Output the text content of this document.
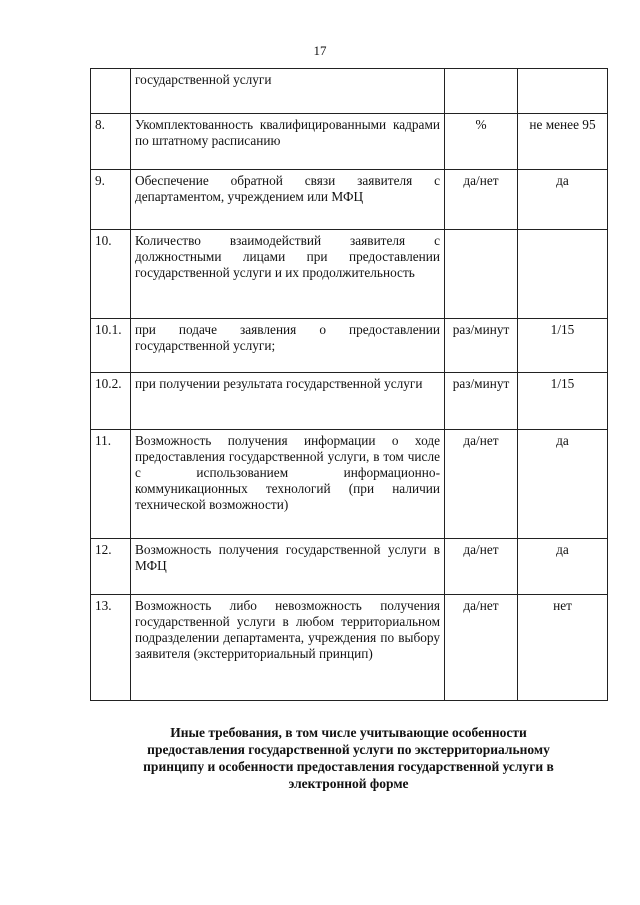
17
	государственной услуги		
8.	Укомплектованность квалифицированными кадрами по штатному расписанию	%	не менее 95
9.	Обеспечение обратной связи заявителя с департаментом, учреждением или МФЦ	да/нет	да
10.	Количество взаимодействий заявителя с должностными лицами при предоставлении государственной услуги и их продолжительность		
10.1.	при подаче заявления о предоставлении государственной услуги;	раз/минут	1/15
10.2.	при получении результата государственной услуги	раз/минут	1/15
11.	Возможность получения информации о ходе предоставления государственной услуги, в том числе с использованием информационно-коммуникационных технологий (при наличии технической возможности)	да/нет	да
12.	Возможность получения государственной услуги в МФЦ	да/нет	да
13.	Возможность либо невозможность получения государственной услуги в любом территориальном подразделении департамента, учреждения по выбору заявителя (экстерриториальный принцип)	да/нет	нет
Иные требования, в том числе учитывающие особенности
предоставления государственной услуги по экстерриториальному
принципу и особенности предоставления государственной услуги в
электронной форме
